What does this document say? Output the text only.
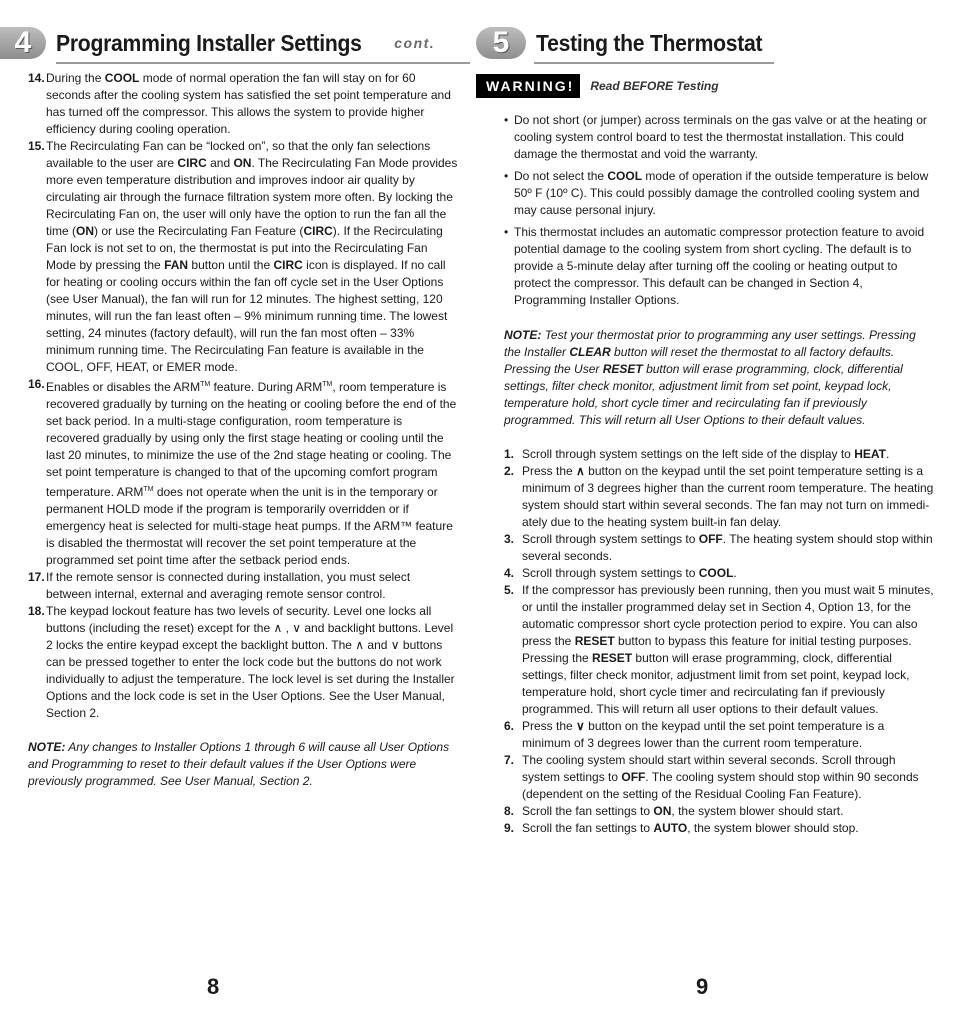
4	Programming Installer Settings cont.
14. During the COOL mode of normal operation the fan will stay on for 60 seconds after the cooling system has satisfied the set point temperature and has turned off the compressor. This allows the system to provide higher efficiency during cooling operation.
15. The Recirculating Fan can be “locked on”, so that the only fan selections available to the user are CIRC and ON. The Recirculating Fan Mode provides more even temperature distribution and improves indoor air quality by circulating air through the furnace filtration system more often. By locking the Recirculating Fan on, the user will only have the option to run the fan all the time (ON) or use the Recirculating Fan Feature (CIRC). If the Recirculating Fan lock is not set to on, the thermostat is put into the Recirculating Fan Mode by pressing the FAN button until the CIRC icon is displayed. If no call for heating or cooling occurs within the fan off cycle set in the User Options (see User Manual), the fan will run for 12 minutes. The highest setting, 120 minutes, will run the fan least often – 9% minimum running time. The lowest setting, 24 minutes (factory default), will run the fan most often – 33% minimum running time. The Recirculating Fan feature is available in the COOL, OFF, HEAT, or EMER mode.
16. Enables or disables the ARM™ feature. During ARM™, room temperature is recovered gradually by turning on the heating or cooling before the end of the set back period. In a multi-stage configuration, room temperature is recovered gradually by using only the first stage heating or cooling until the last 20 minutes, to minimize the use of the 2nd stage heating or cooling. The set point temperature is changed to that of the upcoming comfort program temperature. ARM™ does not operate when the unit is in the temporary or permanent HOLD mode if the program is temporarily overridden or if emergency heat is selected for multi-stage heat pumps. If the ARM™ feature is disabled the thermostat will recover the set point temperature at the programmed set point time after the setback period ends.
17. If the remote sensor is connected during installation, you must select between internal, external and averaging remote sensor control.
18. The keypad lockout feature has two levels of security. Level one locks all buttons (including the reset) except for the ∧ , ∨ and backlight buttons. Level 2 locks the entire keypad except the backlight button. The ∧ and ∨ buttons can be pressed together to enter the lock code but the buttons do not work individually to adjust the temperature. The lock level is set during the Installer Options and the lock code is set in the User Options. See the User Manual, Section 2.
NOTE: Any changes to Installer Options 1 through 6 will cause all User Options and Programming to reset to their default values if the User Options were previously programmed. See User Manual, Section 2.
5	Testing the Thermostat
WARNING!	Read BEFORE Testing
• Do not short (or jumper) across terminals on the gas valve or at the heating or cooling system control board to test the thermostat installation. This could damage the thermostat and void the warranty.
• Do not select the COOL mode of operation if the outside temperature is below 50º F (10º C). This could possibly damage the controlled cooling system and may cause personal injury.
• This thermostat includes an automatic compressor protection feature to avoid potential damage to the cooling system from short cycling. The default is to provide a 5-minute delay after turning off the cooling or heating output to protect the compressor. This default can be changed in Section 4, Programming Installer Options.
NOTE: Test your thermostat prior to programming any user settings. Pressing the Installer CLEAR button will reset the thermostat to all factory defaults. Pressing the User RESET button will erase programming, clock, differential settings, filter check monitor, adjustment limit from set point, keypad lock, temperature hold, short cycle timer and recirculating fan if previously programmed. This will return all User Options to their default values.
1. Scroll through system settings on the left side of the display to HEAT.
2. Press the ∧ button on the keypad until the set point temperature setting is a minimum of 3 degrees higher than the current room temperature. The heating system should start within several seconds. The fan may not turn on immedi- ately due to the heating system built-in fan delay.
3. Scroll through system settings to OFF. The heating system should stop within several seconds.
4. Scroll through system settings to COOL.
5. If the compressor has previously been running, then you must wait 5 minutes, or until the installer programmed delay set in Section 4, Option 13, for the automatic compressor short cycle protection period to expire. You can also press the RESET button to bypass this feature for initial testing purposes. Pressing the RESET button will erase programming, clock, differential settings, filter check monitor, adjustment limit from set point, keypad lock, temperature hold, short cycle timer and recirculating fan if previously programmed. This will return all user options to their default values.
6. Press the ∨ button on the keypad until the set point temperature is a minimum of 3 degrees lower than the current room temperature.
7. The cooling system should start within several seconds. Scroll through system settings to OFF. The cooling system should stop within 90 seconds (dependent on the setting of the Residual Cooling Fan Feature).
8. Scroll the fan settings to ON, the system blower should start.
9. Scroll the fan settings to AUTO, the system blower should stop.
8	9
